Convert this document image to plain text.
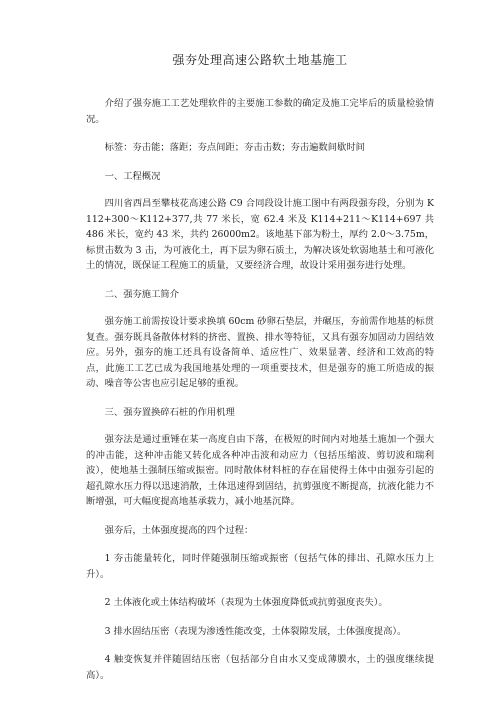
强夯处理高速公路软土地基施工

介绍了强夯施工工艺处理软件的主要施工参数的确定及施工完毕后的质量检验情况。

标签：夯击能；落距；夯点间距；夯击击数；夯击遍数间歇时间

一、工程概况

四川省西昌至攀枝花高速公路 C9 合同段设计施工图中有两段强夯段，分别为 K112+300～K112+377,共 77 米长，宽 62.4 米及 K114+211～K114+697 共 486 米长，宽约 43 米，共约 26000m2。该地基下部为粉土，厚约 2.0～3.75m，标贯击数为 3 击，为可液化土，再下层为卵石质土，为解决该处软弱地基土和可液化土的情况，既保证工程施工的质量，又要经济合理，故设计采用强夯进行处理。

二、强夯施工简介

强夯施工前需按设计要求换填 60cm 砂卵石垫层，并碾压，夯前需作地基的标贯复查。强夯既具备散体材料的挤密、置换、排水等特征，又具有强夯加固动力固结效应。另外，强夯的施工还具有设备简单、适应性广、效果显著、经济和工效高的特点，此施工工艺已成为我国地基处理的一项重要技术，但是强夯的施工所造成的振动、噪音等公害也应引起足够的重视。

三、强夯置换碎石桩的作用机理

强夯法是通过重锤在某一高度自由下落，在极短的时间内对地基土施加一个强大的冲击能，这种冲击能又转化成各种冲击波和动应力（包括压缩波、剪切波和瑞利波），使地基土强制压缩或振密。同时散体材料桩的存在届使得土体中由强夯引起的超孔隙水压力得以迅速消散，土体迅速得到固结，抗剪强度不断提高，抗液化能力不断增强，可大幅度提高地基承载力，减小地基沉降。

强夯后，土体强度提高的四个过程：

1 夯击能量转化，同时伴随强制压缩或振密（包括气体的排出、孔隙水压力上升）。

2 土体液化或土体结构破坏（表现为土体强度降低或抗剪强度丧失）。

3 排水固结压密（表现为渗透性能改变，土体裂隙发展，土体强度提高）。

4 触变恢复并伴随固结压密（包括部分自由水又变成薄膜水，土的强度继续提高）。
